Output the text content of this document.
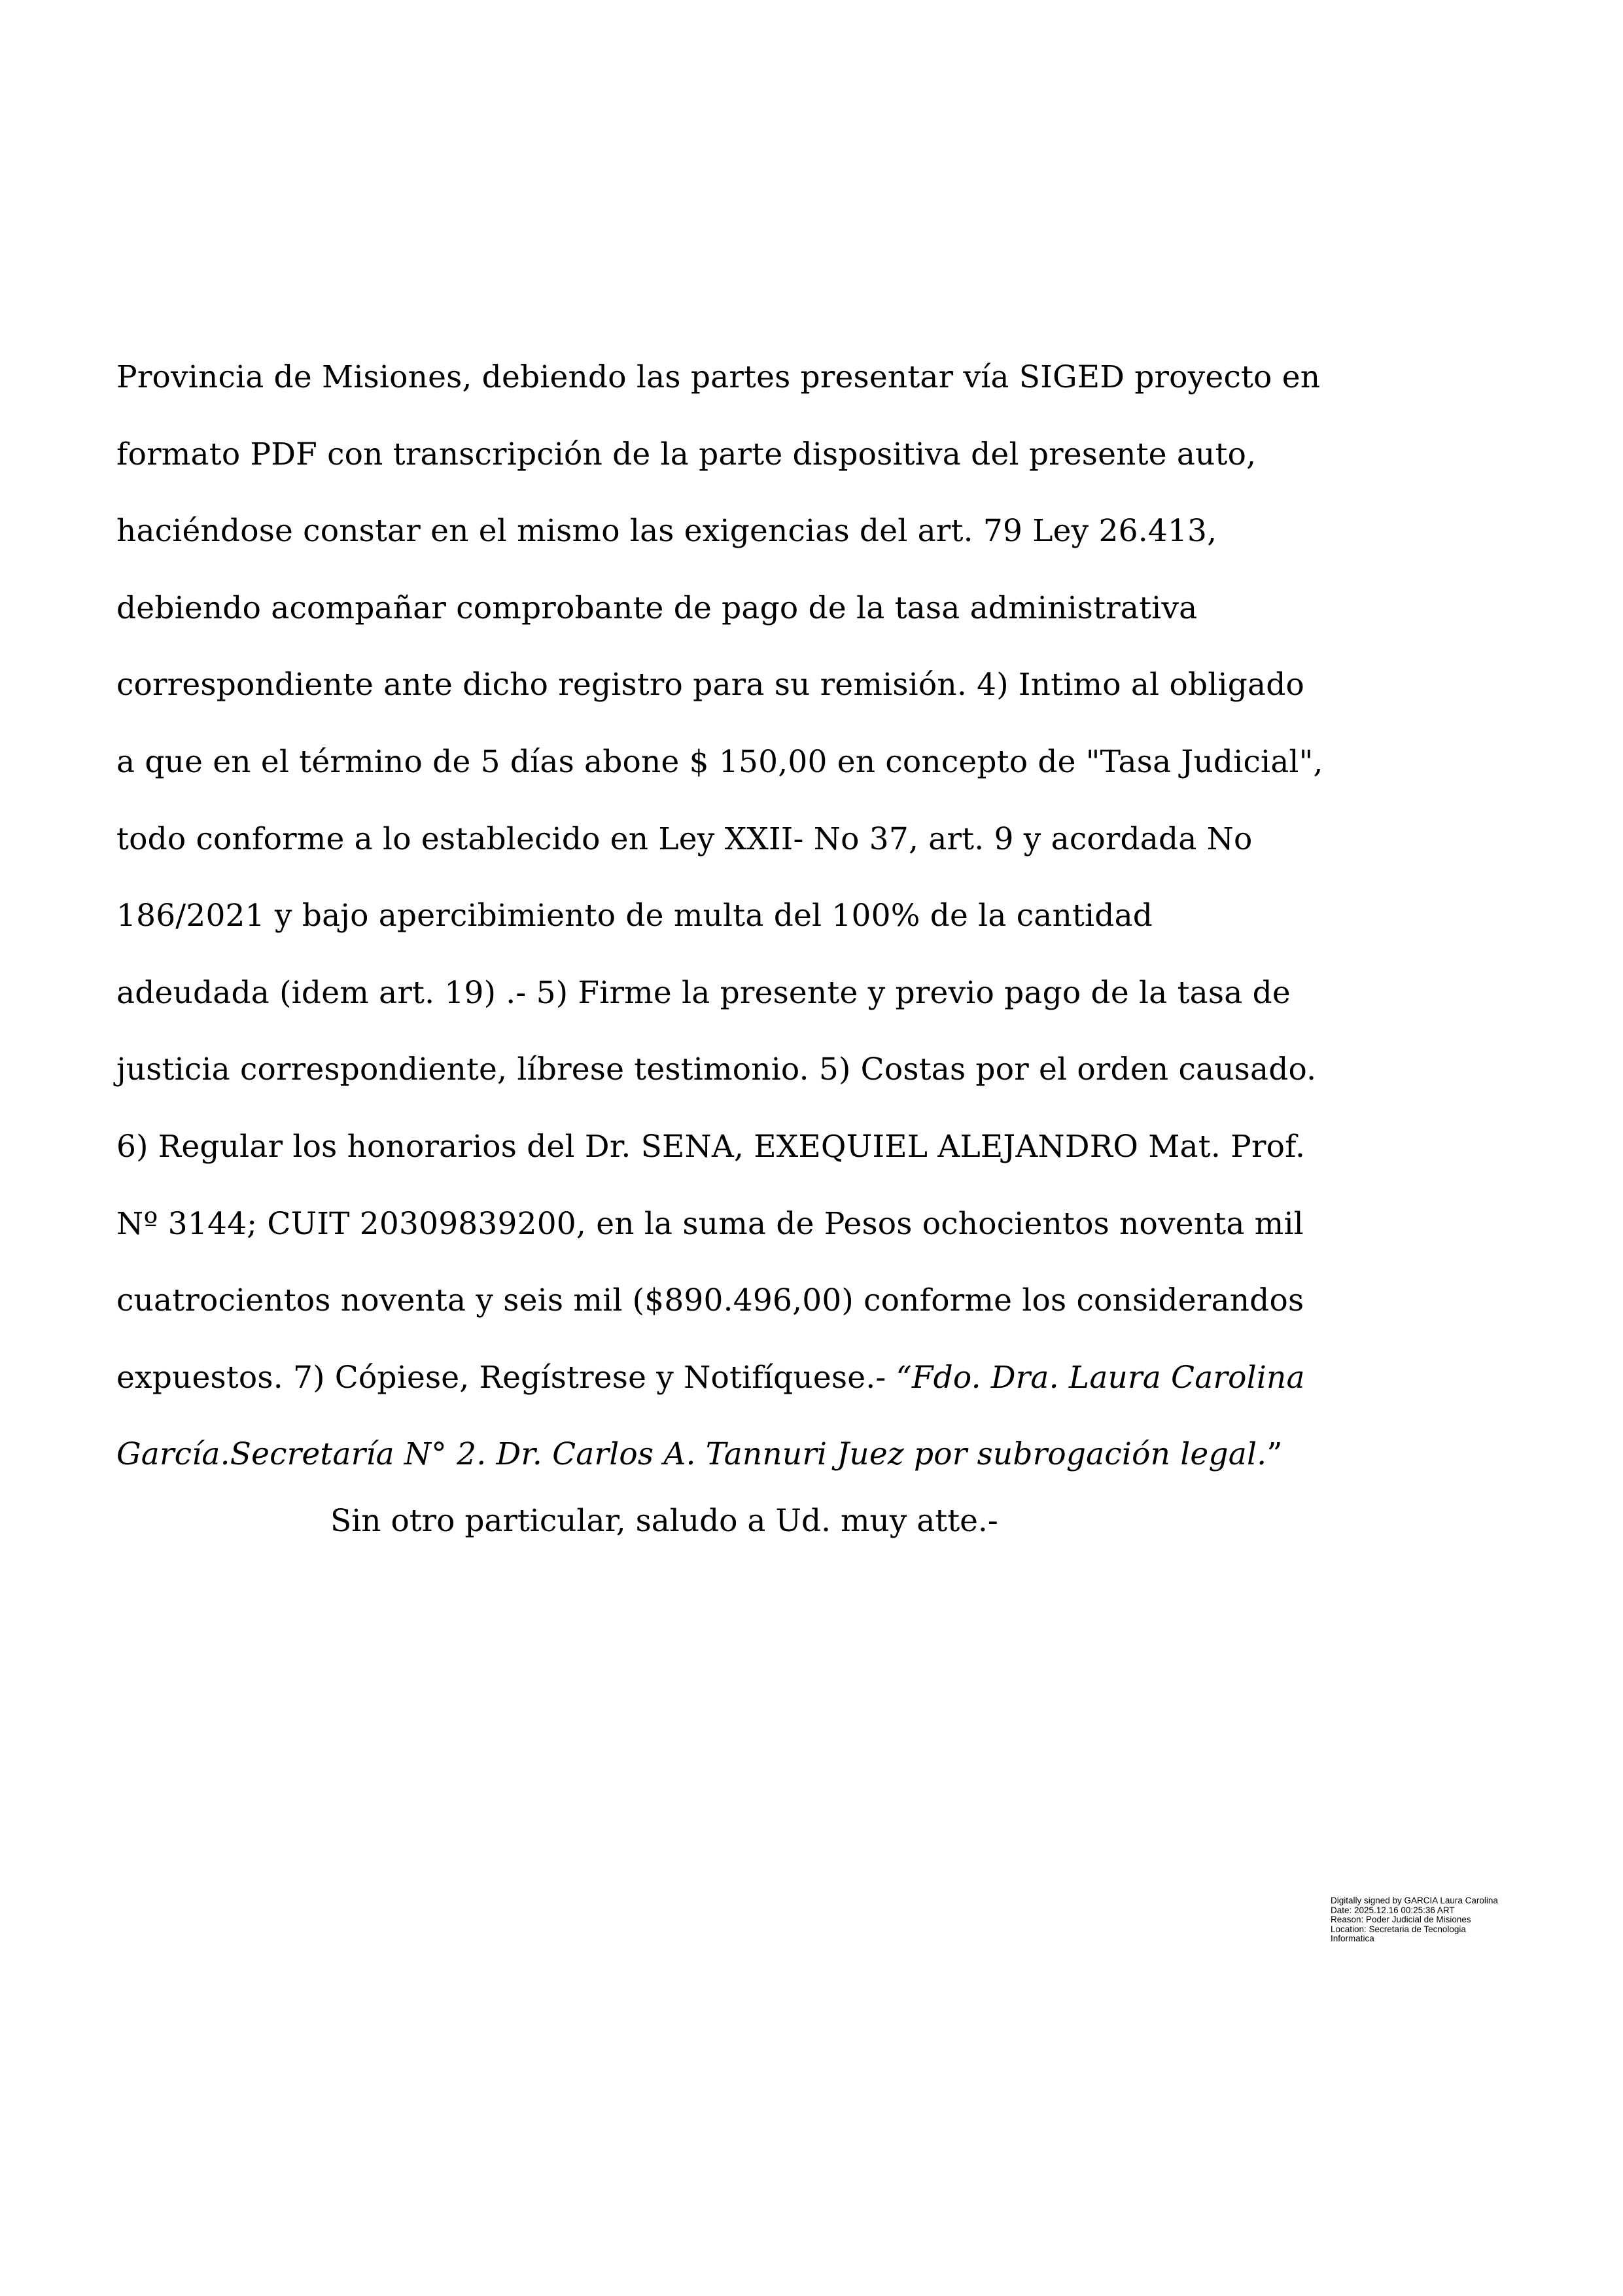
Provincia de Misiones, debiendo las partes presentar vía SIGED proyecto en
formato PDF con transcripción de la parte dispositiva del presente auto,
haciéndose constar en el mismo las exigencias del art. 79 Ley 26.413,
debiendo acompañar comprobante de pago de la tasa administrativa
correspondiente ante dicho registro para su remisión. 4) Intimo al obligado
a que en el término de 5 días abone $ 150,00 en concepto de "Tasa Judicial",
todo conforme a lo establecido en Ley XXII- No 37, art. 9 y acordada No
186/2021 y bajo apercibimiento de multa del 100% de la cantidad
adeudada (idem art. 19) .- 5) Firme la presente y previo pago de la tasa de
justicia correspondiente, líbrese testimonio. 5) Costas por el orden causado.
6) Regular los honorarios del Dr. SENA, EXEQUIEL ALEJANDRO Mat. Prof.
Nº 3144; CUIT 20309839200, en la suma de Pesos ochocientos noventa mil
cuatrocientos noventa y seis mil ($890.496,00) conforme los considerandos
expuestos. 7) Cópiese, Regístrese y Notifíquese.- “Fdo. Dra. Laura Carolina
García.Secretaría N° 2. Dr. Carlos A. Tannuri Juez por subrogación legal.”

Sin otro particular, saludo a Ud. muy atte.-

Digitally signed by GARCIA Laura Carolina
Date: 2025.12.16 00:25:36 ART
Reason: Poder Judicial de Misiones
Location: Secretaria de Tecnologia
Informatica
